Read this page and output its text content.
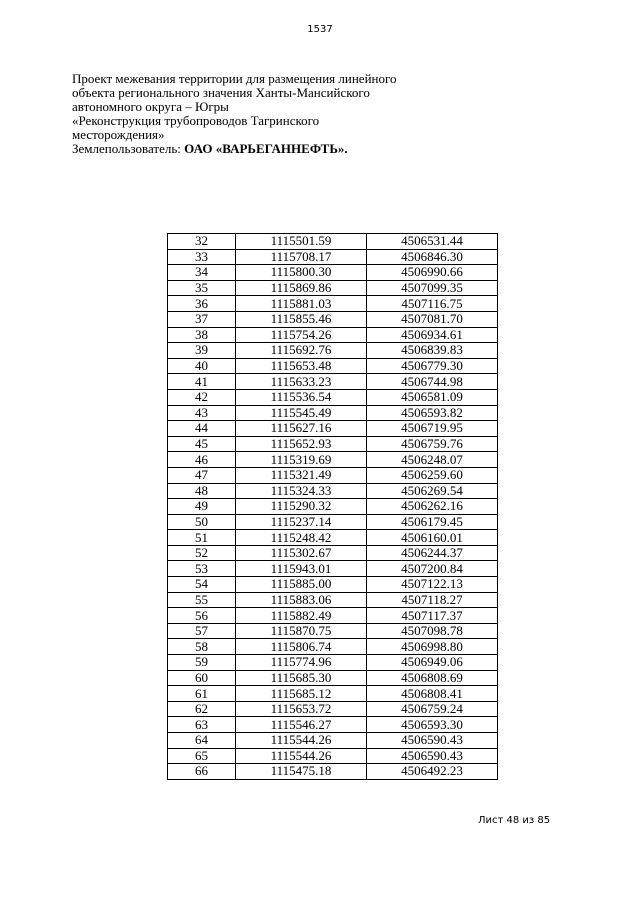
1537
Проект межевания территории для размещения линейного
объекта регионального значения Ханты-Мансийского
автономного округа – Югры
«Реконструкция трубопроводов Тагринского
месторождения»
Землепользователь: ОАО «ВАРЬЕГАННЕФТЬ».
32	1115501.59	4506531.44
33	1115708.17	4506846.30
34	1115800.30	4506990.66
35	1115869.86	4507099.35
36	1115881.03	4507116.75
37	1115855.46	4507081.70
38	1115754.26	4506934.61
39	1115692.76	4506839.83
40	1115653.48	4506779.30
41	1115633.23	4506744.98
42	1115536.54	4506581.09
43	1115545.49	4506593.82
44	1115627.16	4506719.95
45	1115652.93	4506759.76
46	1115319.69	4506248.07
47	1115321.49	4506259.60
48	1115324.33	4506269.54
49	1115290.32	4506262.16
50	1115237.14	4506179.45
51	1115248.42	4506160.01
52	1115302.67	4506244.37
53	1115943.01	4507200.84
54	1115885.00	4507122.13
55	1115883.06	4507118.27
56	1115882.49	4507117.37
57	1115870.75	4507098.78
58	1115806.74	4506998.80
59	1115774.96	4506949.06
60	1115685.30	4506808.69
61	1115685.12	4506808.41
62	1115653.72	4506759.24
63	1115546.27	4506593.30
64	1115544.26	4506590.43
65	1115544.26	4506590.43
66	1115475.18	4506492.23
Лист 48 из 85
